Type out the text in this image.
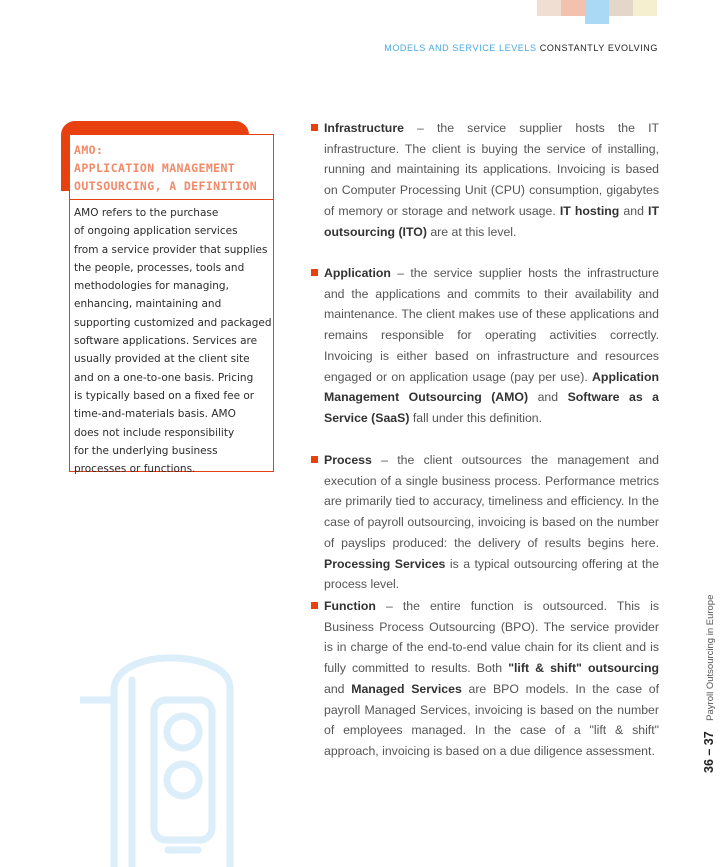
MODELS AND SERVICE LEVELS CONSTANTLY EVOLVING
AMO:
APPLICATION MANAGEMENT
OUTSOURCING, A DEFINITION
AMO refers to the purchase
of ongoing application services
from a service provider that supplies
the people, processes, tools and
methodologies for managing,
enhancing, maintaining and
supporting customized and packaged
software applications. Services are
usually provided at the client site
and on a one-to-one basis. Pricing
is typically based on a fixed fee or
time-and-materials basis. AMO
does not include responsibility
for the underlying business
processes or functions.

Infrastructure – the service supplier hosts the IT infrastructure. The client is buying the service of installing, running and maintaining its applications. Invoicing is based on Computer Processing Unit (CPU) consumption, gigabytes of memory or storage and network usage. IT hosting and IT outsourcing (ITO) are at this level.

Application – the service supplier hosts the infrastructure and the applications and commits to their availability and maintenance. The client makes use of these applications and remains responsible for operating activities correctly. Invoicing is either based on infrastructure and resources engaged or on application usage (pay per use). Application Management Outsourcing (AMO) and Software as a Service (SaaS) fall under this definition.

Process – the client outsources the management and execution of a single business process. Performance metrics are primarily tied to accuracy, timeliness and efficiency. In the case of payroll outsourcing, invoicing is based on the number of payslips produced: the delivery of results begins here. Processing Services is a typical outsourcing offering at the process level.

Function – the entire function is outsourced. This is Business Process Outsourcing (BPO). The service provider is in charge of the end-to-end value chain for its client and is fully committed to results. Both "lift & shift" outsourcing and Managed Services are BPO models. In the case of payroll Managed Services, invoicing is based on the number of employees managed. In the case of a "lift & shift" approach, invoicing is based on a due diligence assessment.	36 – 37 Payroll Outsourcing in Europe
